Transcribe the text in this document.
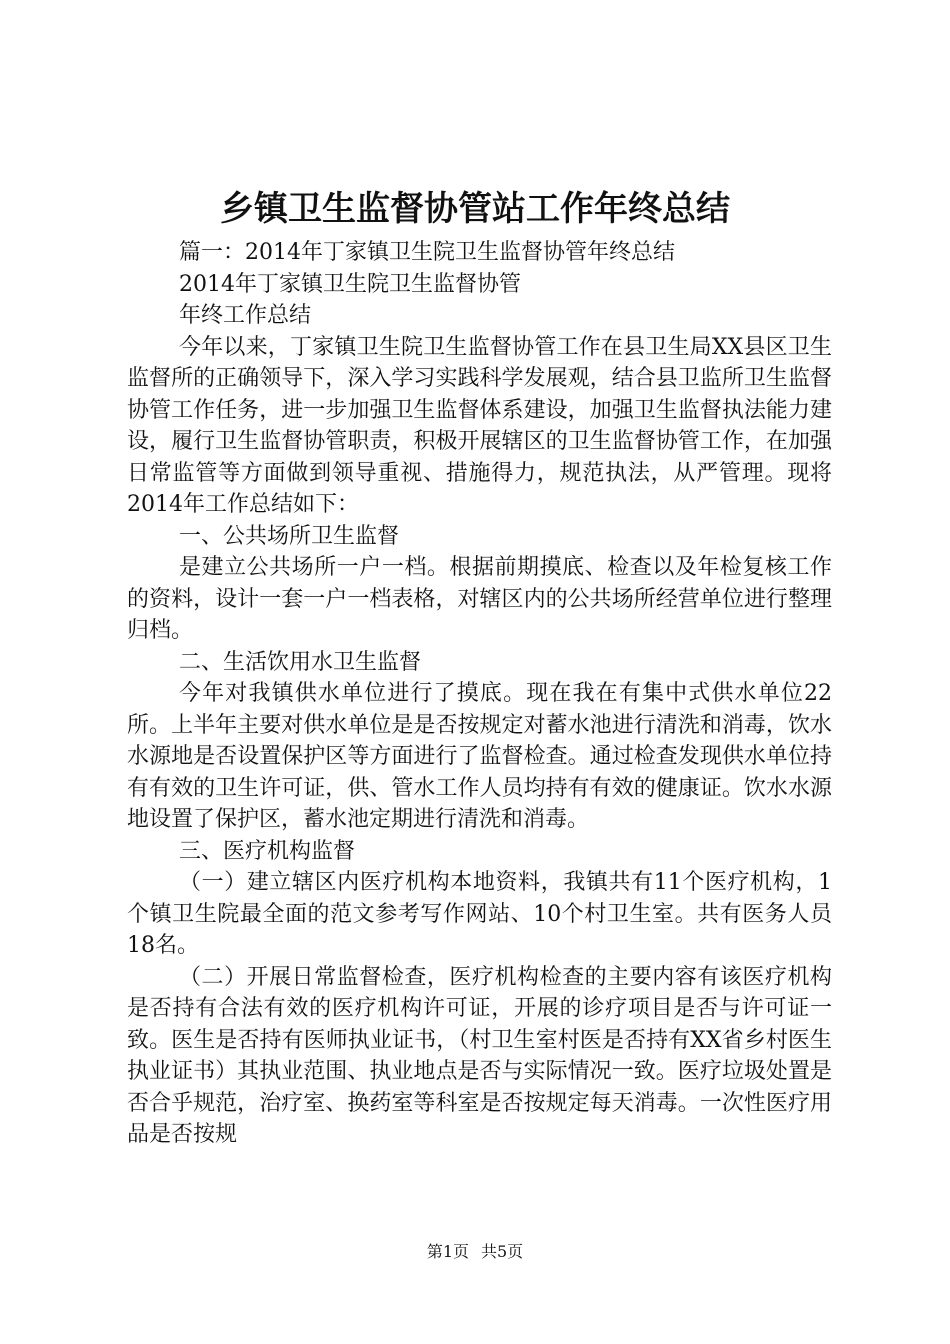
乡镇卫生监督协管站工作年终总结

篇一：2014年丁家镇卫生院卫生监督协管年终总结

2014年丁家镇卫生院卫生监督协管

年终工作总结

今年以来，丁家镇卫生院卫生监督协管工作在县卫生局XX县区卫生监督所的正确领导下，深入学习实践科学发展观，结合县卫监所卫生监督协管工作任务，进一步加强卫生监督体系建设，加强卫生监督执法能力建设，履行卫生监督协管职责，积极开展辖区的卫生监督协管工作，在加强日常监管等方面做到领导重视、措施得力，规范执法，从严管理。现将2014年工作总结如下：

一、公共场所卫生监督

是建立公共场所一户一档。根据前期摸底、检查以及年检复核工作的资料，设计一套一户一档表格，对辖区内的公共场所经营单位进行整理归档。

二、生活饮用水卫生监督

今年对我镇供水单位进行了摸底。现在我在有集中式供水单位22所。上半年主要对供水单位是是否按规定对蓄水池进行清洗和消毒，饮水水源地是否设置保护区等方面进行了监督检查。通过检查发现供水单位持有有效的卫生许可证，供、管水工作人员均持有有效的健康证。饮水水源地设置了保护区，蓄水池定期进行清洗和消毒。

三、医疗机构监督

（一）建立辖区内医疗机构本地资料，我镇共有11个医疗机构，1个镇卫生院最全面的范文参考写作网站、10个村卫生室。共有医务人员18名。

（二）开展日常监督检查，医疗机构检查的主要内容有该医疗机构是否持有合法有效的医疗机构许可证，开展的诊疗项目是否与许可证一致。医生是否持有医师执业证书，（村卫生室村医是否持有XX省乡村医生执业证书）其执业范围、执业地点是否与实际情况一致。医疗垃圾处置是否合乎规范，治疗室、换药室等科室是否按规定每天消毒。一次性医疗用品是否按规

第1页 共5页
